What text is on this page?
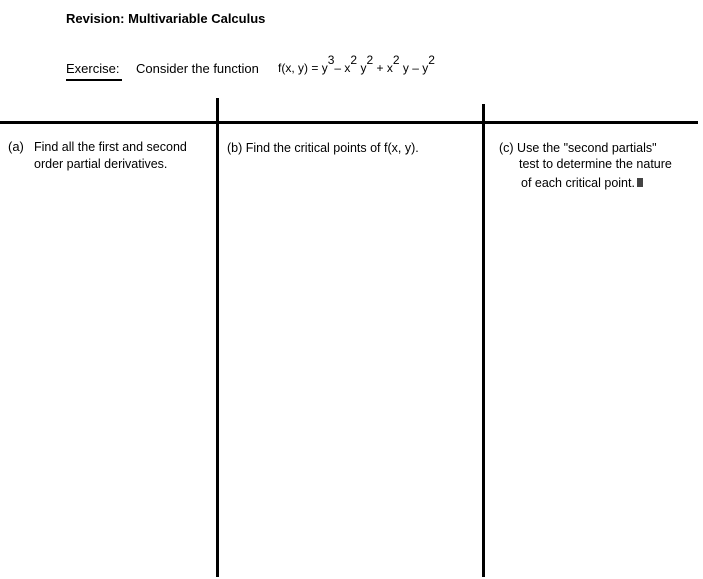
Revision: Multivariable Calculus
Exercise: Consider the function f(x, $y) = y^3-$ $x^2$ $y^2 + x^2$ y – $y^2$
(a) Find all the first and second
order partial derivatives.
(b) Find the critical points of f(x, y).	(c) Use the "second partials"
test to determine the nature
of each critical point.
